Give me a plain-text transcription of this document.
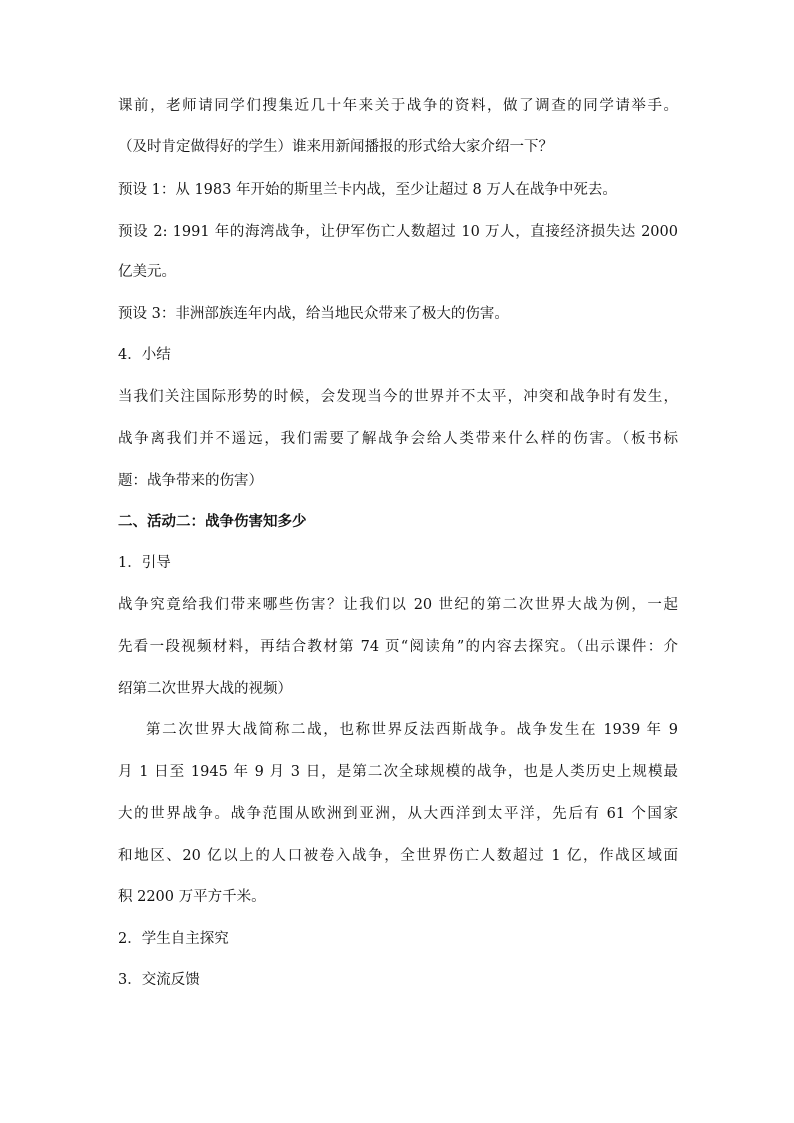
课前，老师请同学们搜集近几十年来关于战争的资料，做了调查的同学请举手。
（及时肯定做得好的学生）谁来用新闻播报的形式给大家介绍一下？
预设 1：从 1983 年开始的斯里兰卡内战，至少让超过 8 万人在战争中死去。
预设 2: 1991 年的海湾战争，让伊军伤亡人数超过 10 万人，直接经济损失达 2000
亿美元。
预设 3：非洲部族连年内战，给当地民众带来了极大的伤害。
4．小结
当我们关注国际形势的时候，会发现当今的世界并不太平，冲突和战争时有发生，
战争离我们并不遥远，我们需要了解战争会给人类带来什么样的伤害。（板书标
题：战争带来的伤害）
二、活动二：战争伤害知多少
1．引导
战争究竟给我们带来哪些伤害？让我们以 20 世纪的第二次世界大战为例，一起
先看一段视频材料，再结合教材第 74 页“阅读角”的内容去探究。（出示课件：介
绍第二次世界大战的视频）
第二次世界大战简称二战，也称世界反法西斯战争。战争发生在 1939 年 9
月 1 日至 1945 年 9 月 3 日，是第二次全球规模的战争，也是人类历史上规模最
大的世界战争。战争范围从欧洲到亚洲，从大西洋到太平洋，先后有 61 个国家
和地区、20 亿以上的人口被卷入战争，全世界伤亡人数超过 1 亿，作战区域面
积 2200 万平方千米。
2．学生自主探究
3．交流反馈
